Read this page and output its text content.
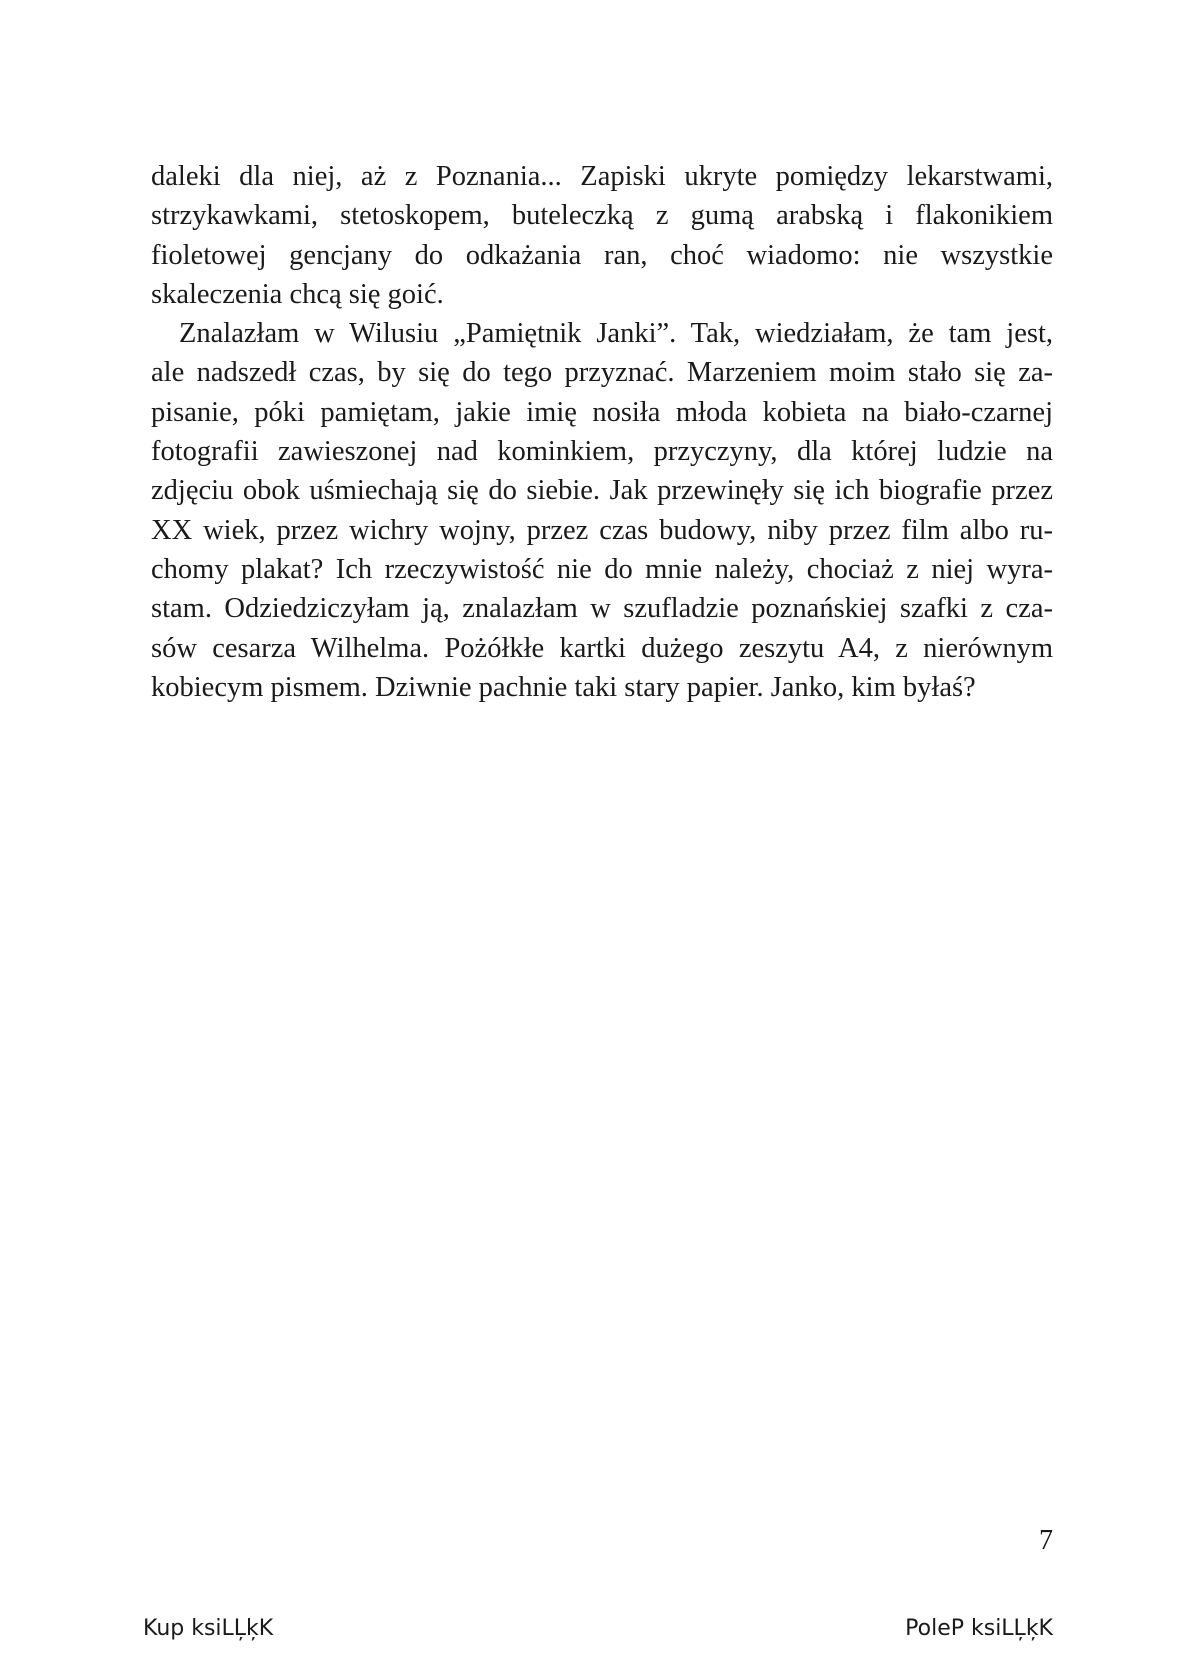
daleki dla niej, aż z Poznania... Zapiski ukryte pomiędzy lekarstwami,
strzykawkami, stetoskopem, buteleczką z gumą arabską i flakonikiem
fioletowej gencjany do odkażania ran, choć wiadomo: nie wszystkie
skaleczenia chcą się goić.
Znalazłam w Wilusiu „Pamiętnik Janki”. Tak, wiedziałam, że tam jest,
ale nadszedł czas, by się do tego przyznać. Marzeniem moim stało się za-
pisanie, póki pamiętam, jakie imię nosiła młoda kobieta na biało-czarnej
fotografii zawieszonej nad kominkiem, przyczyny, dla której ludzie na
zdjęciu obok uśmiechają się do siebie. Jak przewinęły się ich biografie przez
XX wiek, przez wichry wojny, przez czas budowy, niby przez film albo ru-
chomy plakat? Ich rzeczywistość nie do mnie należy, chociaż z niej wyra-
stam. Odziedziczyłam ją, znalazłam w szufladzie poznańskiej szafki z cza-
sów cesarza Wilhelma. Pożółkłe kartki dużego zeszytu A4, z nierównym
kobiecym pismem. Dziwnie pachnie taki stary papier. Janko, kim byłaś?
7
Kup ksiLĻķK	PoleP ksiLĻķK
